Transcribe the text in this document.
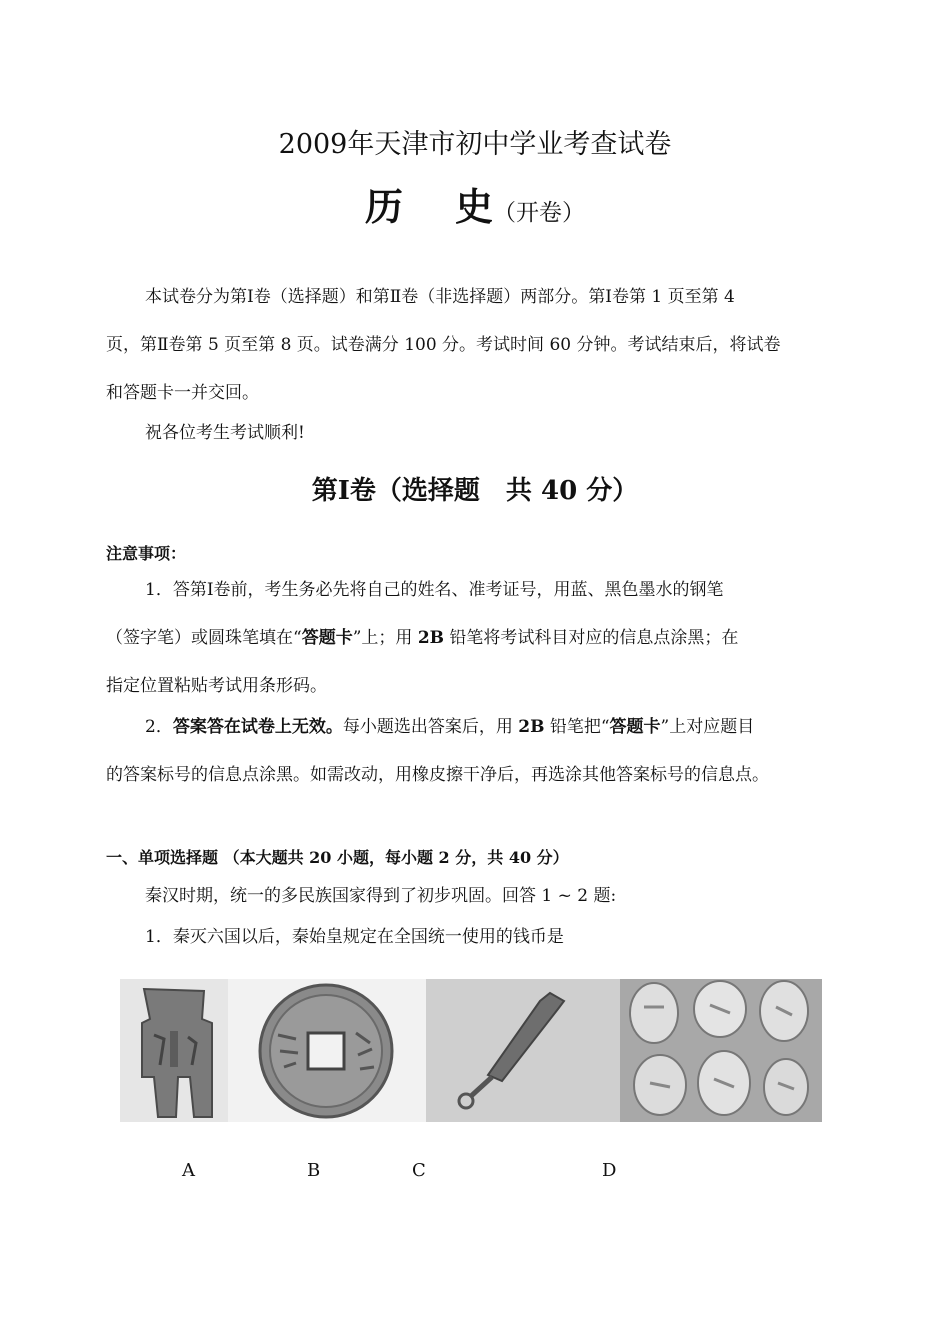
2009年天津市初中学业考查试卷
历 史（开卷）
本试卷分为第Ⅰ卷（选择题）和第Ⅱ卷（非选择题）两部分。第Ⅰ卷第 1 页至第 4
页，第Ⅱ卷第 5 页至第 8 页。试卷满分 100 分。考试时间 60 分钟。考试结束后，将试卷
和答题卡一并交回。
祝各位考生考试顺利!
第Ⅰ卷（选择题　共 40 分）
注意事项：
1．答第Ⅰ卷前，考生务必先将自己的姓名、准考证号，用蓝、黑色墨水的钢笔
（签字笔）或圆珠笔填在“答题卡”上；用 2B 铅笔将考试科目对应的信息点涂黑；在
指定位置粘贴考试用条形码。
2．答案答在试卷上无效。每小题选出答案后，用 2B 铅笔把“答题卡”上对应题目
的答案标号的信息点涂黑。如需改动，用橡皮擦干净后，再选涂其他答案标号的信息点。
一、单项选择题 （本大题共 20 小题，每小题 2 分，共 40 分）
秦汉时期，统一的多民族国家得到了初步巩固。回答 1 ~ 2 题:
1．秦灭六国以后，秦始皇规定在全国统一使用的钱币是
A	B	C	D
